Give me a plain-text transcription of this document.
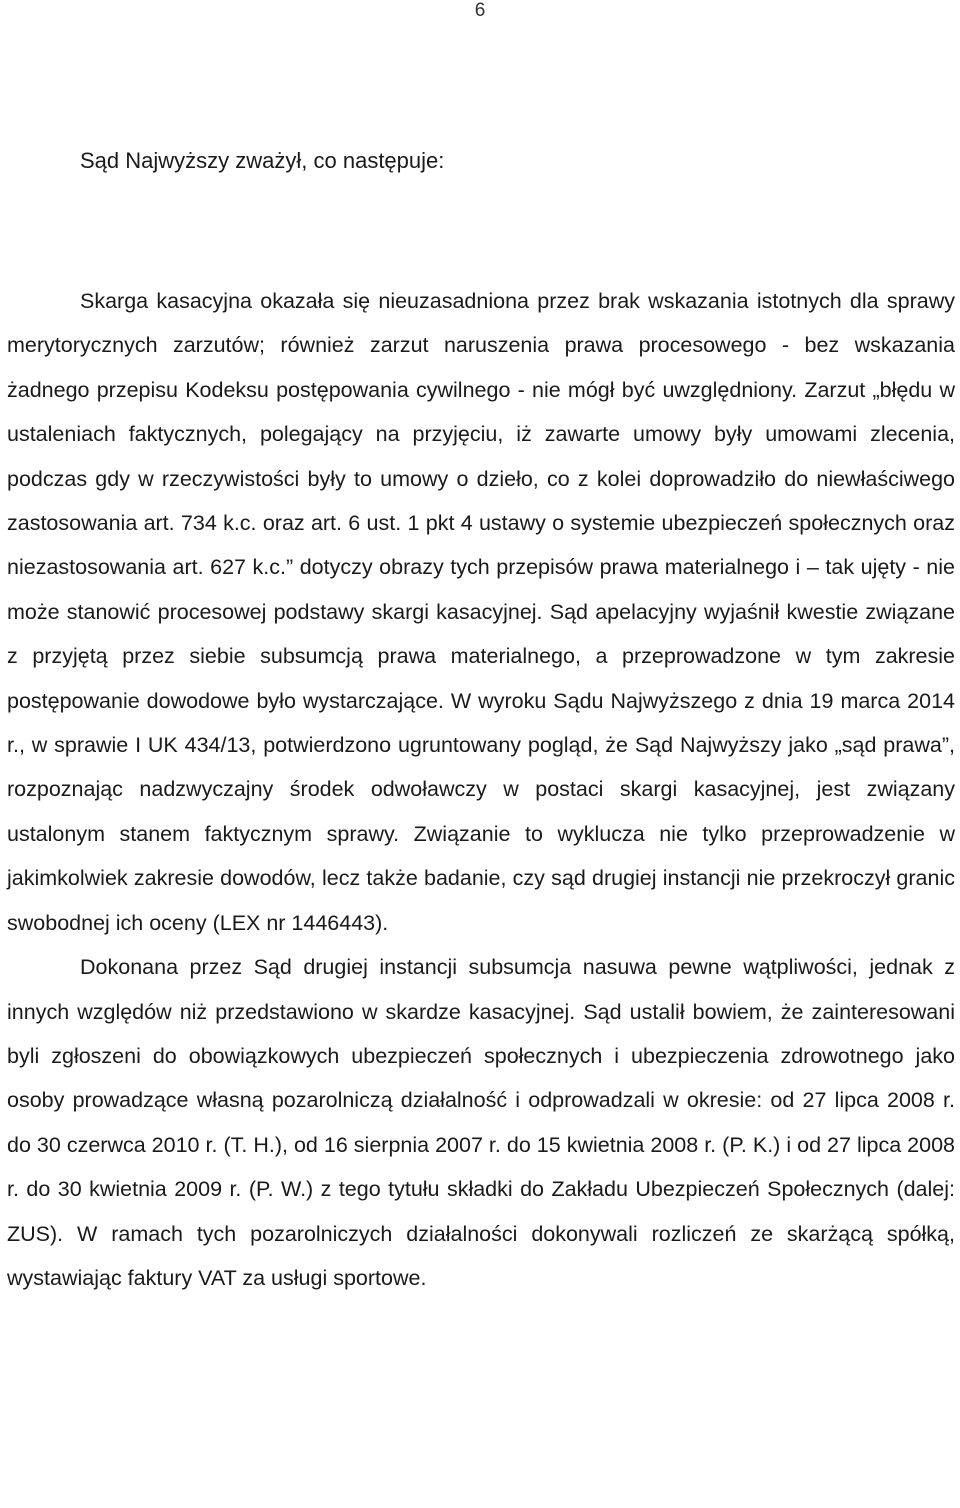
6
Sąd Najwyższy zważył, co następuje:

Skarga kasacyjna okazała się nieuzasadniona przez brak wskazania istotnych dla sprawy merytorycznych zarzutów; również zarzut naruszenia prawa procesowego - bez wskazania żadnego przepisu Kodeksu postępowania cywilnego - nie mógł być uwzględniony. Zarzut „błędu w ustaleniach faktycznych, polegający na przyjęciu, iż zawarte umowy były umowami zlecenia, podczas gdy w rzeczywistości były to umowy o dzieło, co z kolei doprowadziło do niewłaściwego zastosowania art. 734 k.c. oraz art. 6 ust. 1 pkt 4 ustawy o systemie ubezpieczeń społecznych oraz niezastosowania art. 627 k.c.” dotyczy obrazy tych przepisów prawa materialnego i – tak ujęty - nie może stanowić procesowej podstawy skargi kasacyjnej. Sąd apelacyjny wyjaśnił kwestie związane z przyjętą przez siebie subsumcją prawa materialnego, a przeprowadzone w tym zakresie postępowanie dowodowe było wystarczające. W wyroku Sądu Najwyższego z dnia 19 marca 2014 r., w sprawie I UK 434/13, potwierdzono ugruntowany pogląd, że Sąd Najwyższy jako „sąd prawa”, rozpoznając nadzwyczajny środek odwoławczy w postaci skargi kasacyjnej, jest związany ustalonym stanem faktycznym sprawy. Związanie to wyklucza nie tylko przeprowadzenie w jakimkolwiek zakresie dowodów, lecz także badanie, czy sąd drugiej instancji nie przekroczył granic swobodnej ich oceny (LEX nr 1446443).

Dokonana przez Sąd drugiej instancji subsumcja nasuwa pewne wątpliwości, jednak z innych względów niż przedstawiono w skardze kasacyjnej. Sąd ustalił bowiem, że zainteresowani byli zgłoszeni do obowiązkowych ubezpieczeń społecznych i ubezpieczenia zdrowotnego jako osoby prowadzące własną pozarolniczą działalność i odprowadzali w okresie: od 27 lipca 2008 r. do 30 czerwca 2010 r. (T. H.), od 16 sierpnia 2007 r. do 15 kwietnia 2008 r. (P. K.) i od 27 lipca 2008 r. do 30 kwietnia 2009 r. (P. W.) z tego tytułu składki do Zakładu Ubezpieczeń Społecznych (dalej: ZUS). W ramach tych pozarolniczych działalności dokonywali rozliczeń ze skarżącą spółką, wystawiając faktury VAT za usługi sportowe.
